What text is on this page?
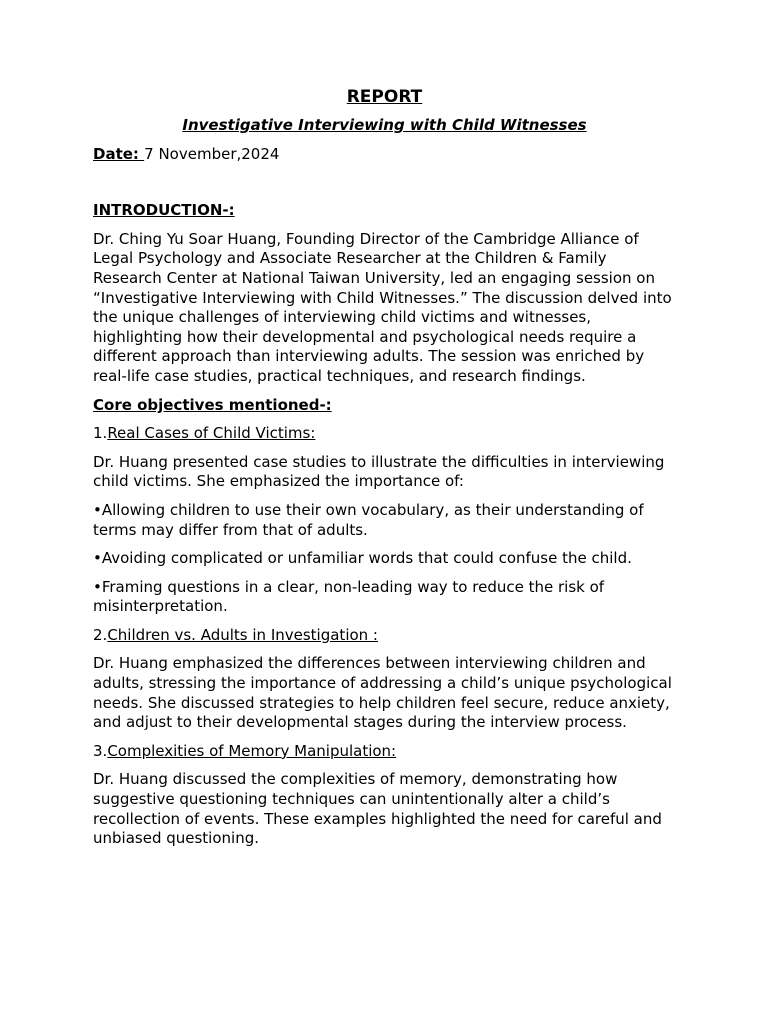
REPORT

Investigative Interviewing with Child Witnesses

Date: 7 November,2024

INTRODUCTION-:

Dr. Ching Yu Soar Huang, Founding Director of the Cambridge Alliance of Legal Psychology and Associate Researcher at the Children & Family Research Center at National Taiwan University, led an engaging session on “Investigative Interviewing with Child Witnesses.” The discussion delved into the unique challenges of interviewing child victims and witnesses, highlighting how their developmental and psychological needs require a different approach than interviewing adults. The session was enriched by real-life case studies, practical techniques, and research findings.

Core objectives mentioned-:

1.Real Cases of Child Victims:

Dr. Huang presented case studies to illustrate the difficulties in interviewing child victims. She emphasized the importance of:

•Allowing children to use their own vocabulary, as their understanding of terms may differ from that of adults.

•Avoiding complicated or unfamiliar words that could confuse the child.

•Framing questions in a clear, non-leading way to reduce the risk of misinterpretation.

2.Children vs. Adults in Investigation :

Dr. Huang emphasized the differences between interviewing children and adults, stressing the importance of addressing a child’s unique psychological needs. She discussed strategies to help children feel secure, reduce anxiety, and adjust to their developmental stages during the interview process.

3.Complexities of Memory Manipulation:

Dr. Huang discussed the complexities of memory, demonstrating how suggestive questioning techniques can unintentionally alter a child’s recollection of events. These examples highlighted the need for careful and unbiased questioning.
